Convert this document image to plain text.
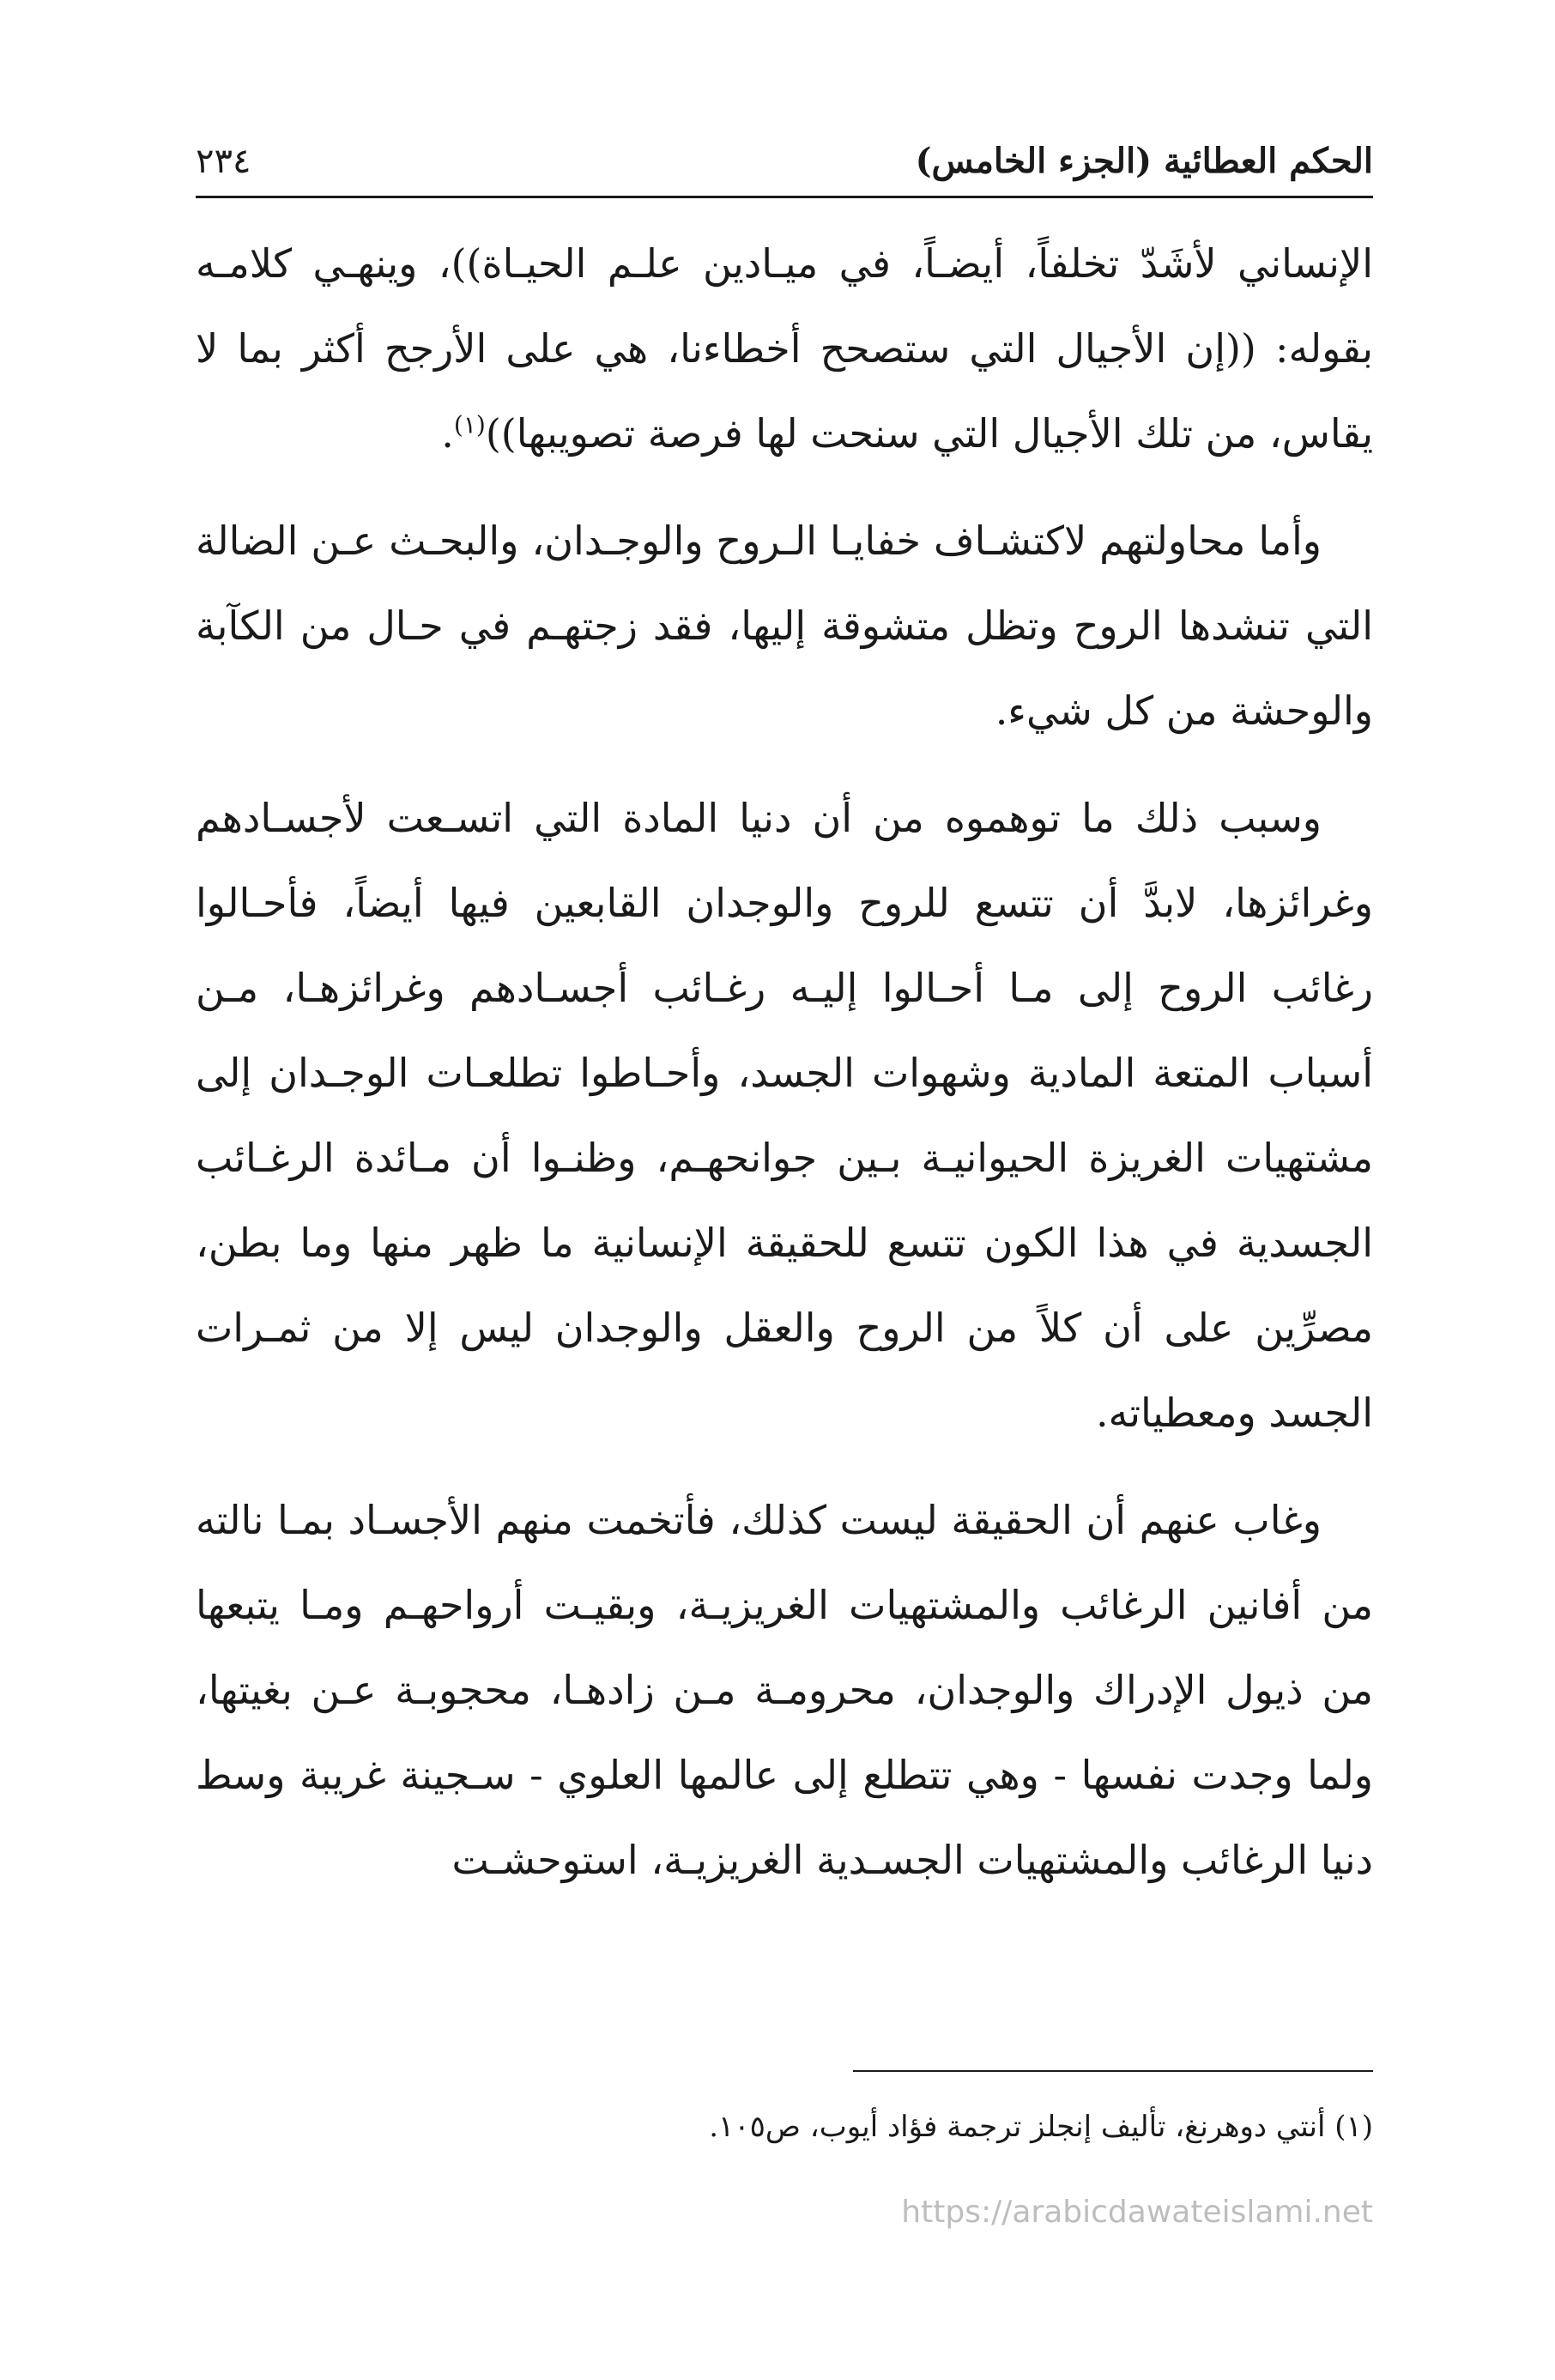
الحكم العطائية (الجزء الخامس)
٢٣٤

الإنساني لأشَدّ تخلفاً، أيضـاً، في ميـادين علـم الحيـاة))، وينهـي كلامـه بقوله: ((إن الأجيال التي ستصحح أخطاءنا، هي على الأرجح أكثر بما لا يقاس، من تلك الأجيال التي سنحت لها فرصة تصويبها))$^{(١)}$.

وأما محاولتهم لاكتشـاف خفايـا الـروح والوجـدان، والبحـث عـن الضالة التي تنشدها الروح وتظل متشوقة إليها، فقد زجتهـم في حـال من الكآبة والوحشة من كل شيء.

وسبب ذلك ما توهموه من أن دنيا المادة التي اتسـعت لأجسـادهم وغرائزها، لابدَّ أن تتسع للروح والوجدان القابعين فيها أيضاً، فأحـالوا رغائب الروح إلى مـا أحـالوا إليـه رغـائب أجسـادهم وغرائزهـا، مـن أسباب المتعة المادية وشهوات الجسد، وأحـاطوا تطلعـات الوجـدان إلى مشتهيات الغريزة الحيوانيـة بـين جوانحهـم، وظنـوا أن مـائدة الرغـائب الجسدية في هذا الكون تتسع للحقيقة الإنسانية ما ظهر منها وما بطن، مصرِّين على أن كلاً من الروح والعقل والوجدان ليس إلا من ثمـرات الجسد ومعطياته.

وغاب عنهم أن الحقيقة ليست كذلك، فأتخمت منهم الأجسـاد بمـا نالته من أفانين الرغائب والمشتهيات الغريزيـة، وبقيـت أرواحهـم ومـا يتبعها من ذيول الإدراك والوجدان، محرومـة مـن زادهـا، محجوبـة عـن بغيتها، ولما وجدت نفسها - وهي تتطلع إلى عالمها العلوي - سـجينة غريبة وسط دنيا الرغائب والمشتهيات الجسـدية الغريزيـة، استوحشـت

(١) أنتي دوهرنغ، تأليف إنجلز ترجمة فؤاد أيوب، ص١٠٥.
https://arabicdawateislami.net
